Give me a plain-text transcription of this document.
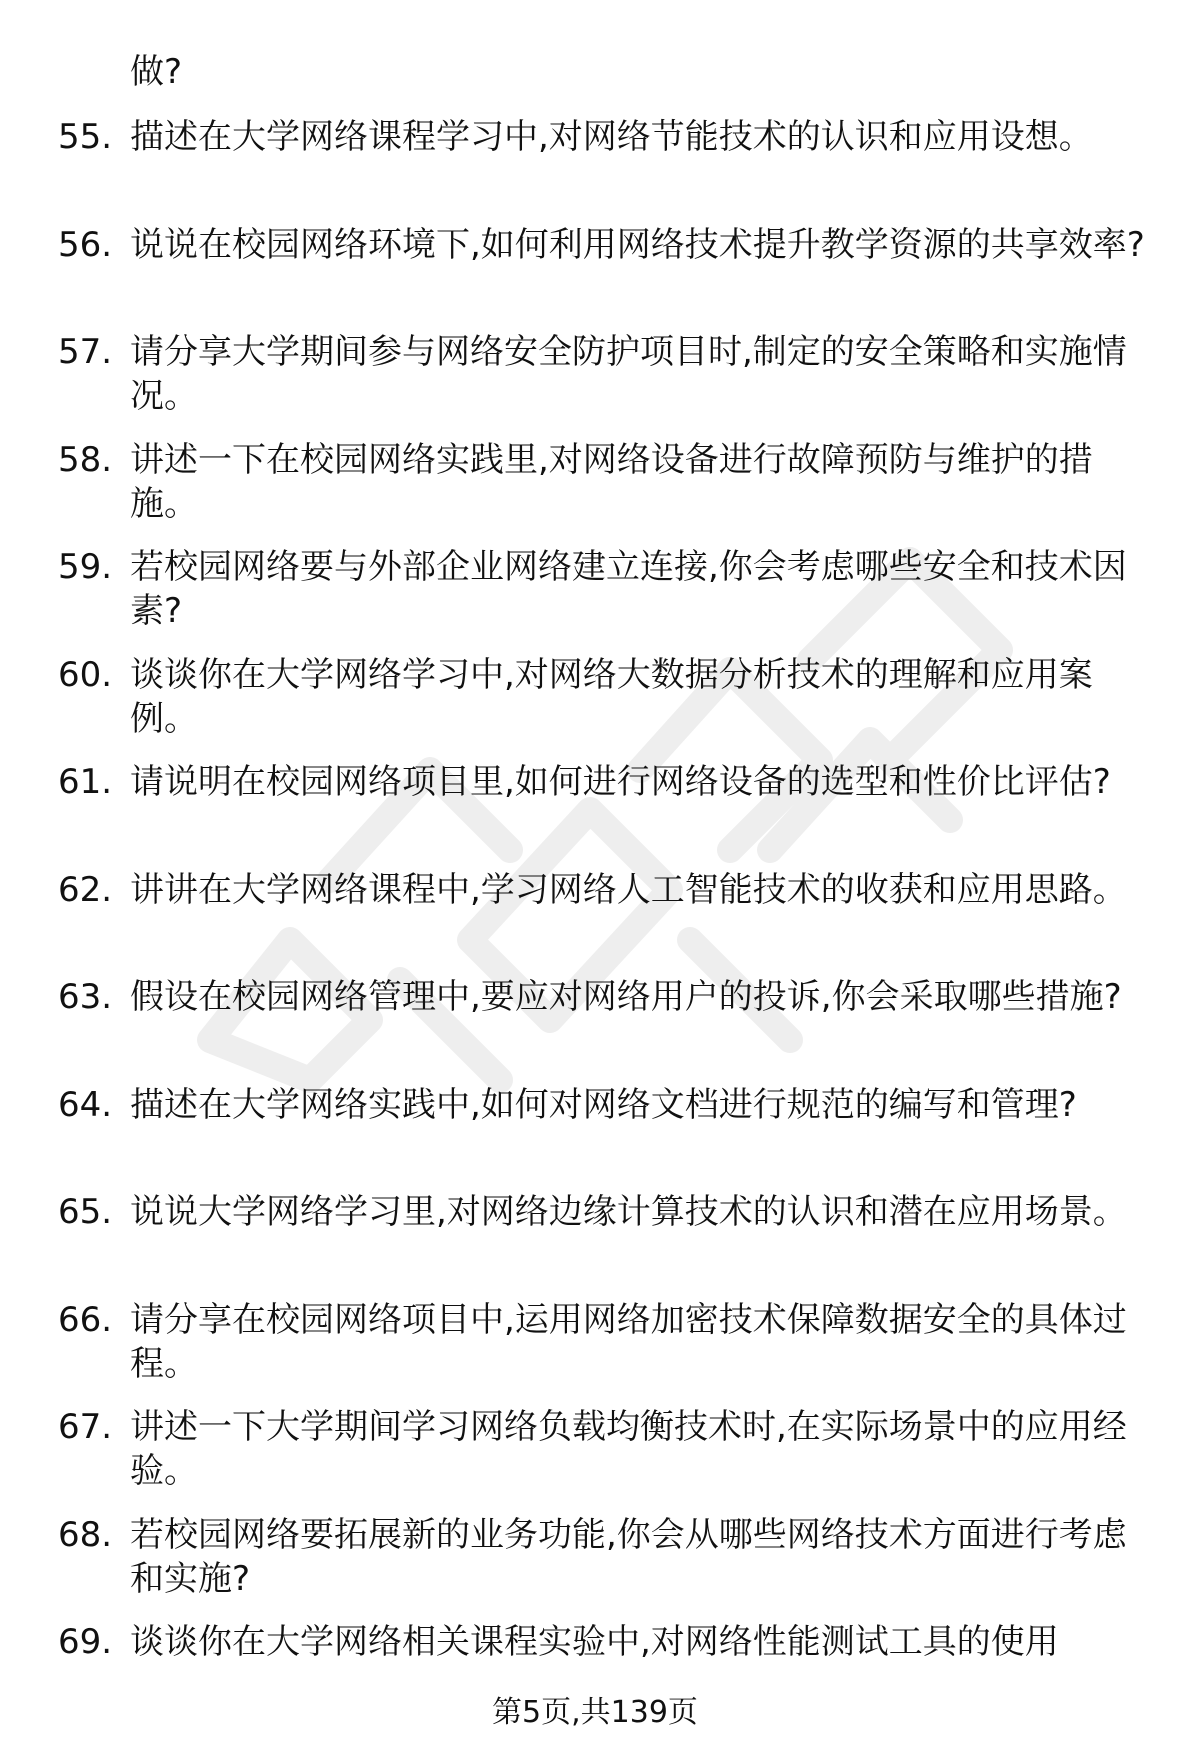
做?

55. 描述在大学网络课程学习中,对网络节能技术的认识和应用设想。
56. 说说在校园网络环境下,如何利用网络技术提升教学资源的共享效率?
57. 请分享大学期间参与网络安全防护项目时,制定的安全策略和实施情况。
58. 讲述一下在校园网络实践里,对网络设备进行故障预防与维护的措施。
59. 若校园网络要与外部企业网络建立连接,你会考虑哪些安全和技术因素?
60. 谈谈你在大学网络学习中,对网络大数据分析技术的理解和应用案例。
61. 请说明在校园网络项目里,如何进行网络设备的选型和性价比评估?
62. 讲讲在大学网络课程中,学习网络人工智能技术的收获和应用思路。
63. 假设在校园网络管理中,要应对网络用户的投诉,你会采取哪些措施?
64. 描述在大学网络实践中,如何对网络文档进行规范的编写和管理?
65. 说说大学网络学习里,对网络边缘计算技术的认识和潜在应用场景。
66. 请分享在校园网络项目中,运用网络加密技术保障数据安全的具体过程。
67. 讲述一下大学期间学习网络负载均衡技术时,在实际场景中的应用经验。
68. 若校园网络要拓展新的业务功能,你会从哪些网络技术方面进行考虑和实施?
69. 谈谈你在大学网络相关课程实验中,对网络性能测试工具的使用
第5页,共139页
